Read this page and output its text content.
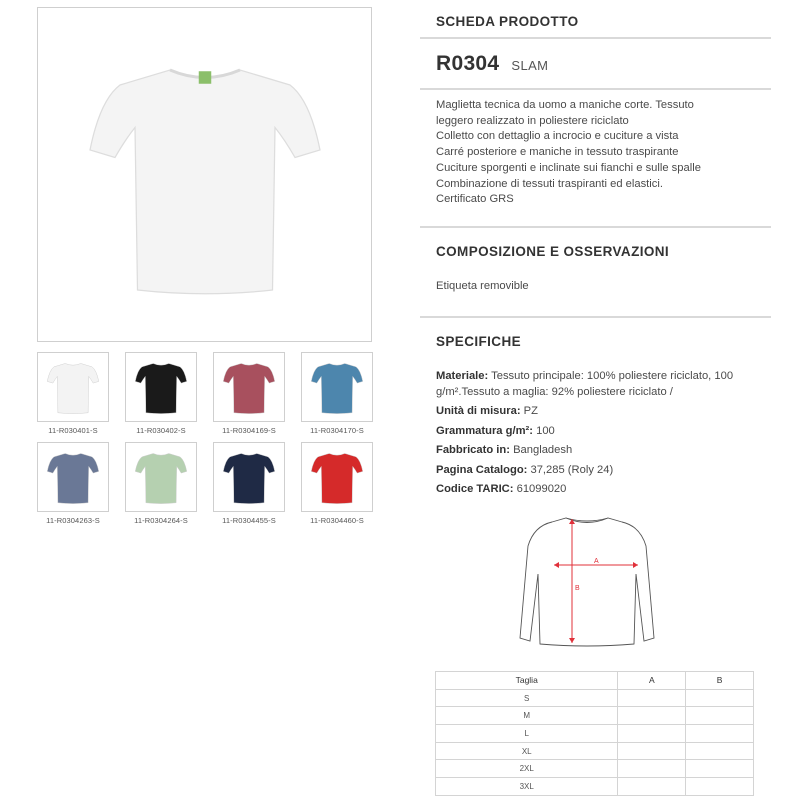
11-R030401-S	11-R030402-S	11-R0304169-S	11-R0304170-S
11-R0304263-S	11-R0304264-S	11-R0304455-S	11-R0304460-S
SCHEDA PRODOTTO
R0304 SLAM
Maglietta tecnica da uomo a maniche corte. Tessuto
leggero realizzato in poliestere riciclato
Colletto con dettaglio a incrocio e cuciture a vista
Carré posteriore e maniche in tessuto traspirante
Cuciture sporgenti e inclinate sui fianchi e sulle spalle
Combinazione di tessuti traspiranti ed elastici.
Certificato GRS
COMPOSIZIONE E OSSERVAZIONI
Etiqueta removible
SPECIFICHE
Materiale: Tessuto principale: 100% poliestere riciclato, 100 g/m².Tessuto a maglia: 92% poliestere riciclato /
Unità di misura: PZ
Grammatura g/m²: 100
Fabbricato in: Bangladesh
Pagina Catalogo: 37,285 (Roly 24)
Codice TARIC: 61099020
A
B
Taglia	A	B
S		
M		
L		
XL		
2XL		
3XL		
